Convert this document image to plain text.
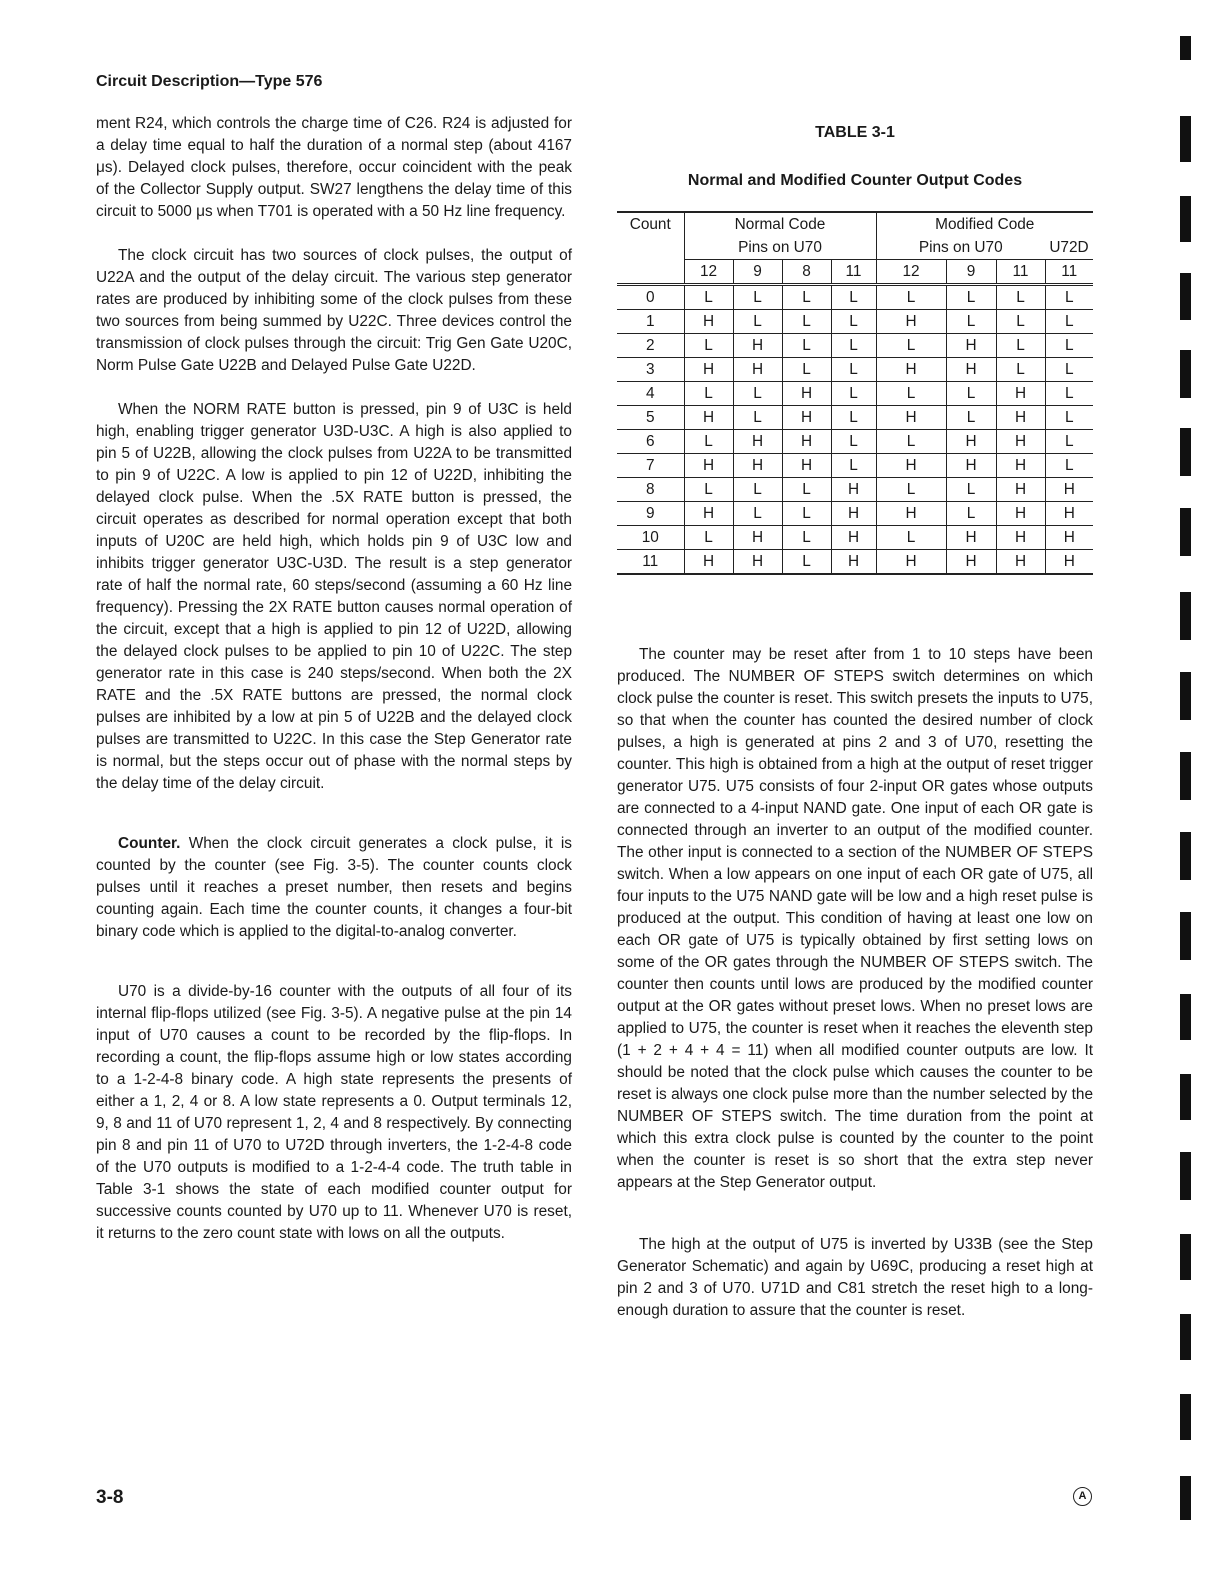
Circuit Description—Type 576

ment R24, which controls the charge time of C26. R24 is adjusted for a delay time equal to half the duration of a normal step (about 4167 μs). Delayed clock pulses, therefore, occur coincident with the peak of the Collector Supply output. SW27 lengthens the delay time of this circuit to 5000 μs when T701 is operated with a 50 Hz line frequency.

The clock circuit has two sources of clock pulses, the output of U22A and the output of the delay circuit. The various step generator rates are produced by inhibiting some of the clock pulses from these two sources from being summed by U22C. Three devices control the transmission of clock pulses through the circuit: Trig Gen Gate U20C, Norm Pulse Gate U22B and Delayed Pulse Gate U22D.

When the NORM RATE button is pressed, pin 9 of U3C is held high, enabling trigger generator U3D-U3C. A high is also applied to pin 5 of U22B, allowing the clock pulses from U22A to be transmitted to pin 9 of U22C. A low is applied to pin 12 of U22D, inhibiting the delayed clock pulse. When the .5X RATE button is pressed, the circuit operates as described for normal operation except that both inputs of U20C are held high, which holds pin 9 of U3C low and inhibits trigger generator U3C-U3D. The result is a step generator rate of half the normal rate, 60 steps/second (assuming a 60 Hz line frequency). Pressing the 2X RATE button causes normal operation of the circuit, except that a high is applied to pin 12 of U22D, allowing the delayed clock pulses to be applied to pin 10 of U22C. The step generator rate in this case is 240 steps/second. When both the 2X RATE and the .5X RATE buttons are pressed, the normal clock pulses are inhibited by a low at pin 5 of U22B and the delayed clock pulses are transmitted to U22C. In this case the Step Generator rate is normal, but the steps occur out of phase with the normal steps by the delay time of the delay circuit.

Counter. When the clock circuit generates a clock pulse, it is counted by the counter (see Fig. 3-5). The counter counts clock pulses until it reaches a preset number, then resets and begins counting again. Each time the counter counts, it changes a four-bit binary code which is applied to the digital-to-analog converter.

U70 is a divide-by-16 counter with the outputs of all four of its internal flip-flops utilized (see Fig. 3-5). A negative pulse at the pin 14 input of U70 causes a count to be recorded by the flip-flops. In recording a count, the flip-flops assume high or low states according to a 1-2-4-8 binary code. A high state represents the presents of either a 1, 2, 4 or 8. A low state represents a 0. Output terminals 12, 9, 8 and 11 of U70 represent 1, 2, 4 and 8 respectively. By connecting pin 8 and pin 11 of U70 to U72D through inverters, the 1-2-4-8 code of the U70 outputs is modified to a 1-2-4-4 code. The truth table in Table 3-1 shows the state of each modified counter output for successive counts counted by U70 up to 11. Whenever U70 is reset, it returns to the zero count state with lows on all the outputs.

TABLE 3-1
Normal and Modified Counter Output Codes
Count	Normal Code				Modified Code			
	Pins on U70				Pins on U70			U72D
	12	9	8	11	12	9	11	11
0	L	L	L	L	L	L	L	L
1	H	L	L	L	H	L	L	L
2	L	H	L	L	L	H	L	L
3	H	H	L	L	H	H	L	L
4	L	L	H	L	L	L	H	L
5	H	L	H	L	H	L	H	L
6	L	H	H	L	L	H	H	L
7	H	H	H	L	H	H	H	L
8	L	L	L	H	L	L	H	H
9	H	L	L	H	H	L	H	H
10	L	H	L	H	L	H	H	H
11	H	H	L	H	H	H	H	H

The counter may be reset after from 1 to 10 steps have been produced. The NUMBER OF STEPS switch determines on which clock pulse the counter is reset. This switch presets the inputs to U75, so that when the counter has counted the desired number of clock pulses, a high is generated at pins 2 and 3 of U70, resetting the counter. This high is obtained from a high at the output of reset trigger generator U75. U75 consists of four 2-input OR gates whose outputs are connected to a 4-input NAND gate. One input of each OR gate is connected through an inverter to an output of the modified counter. The other input is connected to a section of the NUMBER OF STEPS switch. When a low appears on one input of each OR gate of U75, all four inputs to the U75 NAND gate will be low and a high reset pulse is produced at the output. This condition of having at least one low on each OR gate of U75 is typically obtained by first setting lows on some of the OR gates through the NUMBER OF STEPS switch. The counter then counts until lows are produced by the modified counter output at the OR gates without preset lows. When no preset lows are applied to U75, the counter is reset when it reaches the eleventh step (1 + 2 + 4 + 4 = 11) when all modified counter outputs are low. It should be noted that the clock pulse which causes the counter to be reset is always one clock pulse more than the number selected by the NUMBER OF STEPS switch. The time duration from the point at which this extra clock pulse is counted by the counter to the point when the counter is reset is so short that the extra step never appears at the Step Generator output.

The high at the output of U75 is inverted by U33B (see the Step Generator Schematic) and again by U69C, producing a reset high at pin 2 and 3 of U70. U71D and C81 stretch the reset high to a long-enough duration to assure that the counter is reset.

3-8	A
